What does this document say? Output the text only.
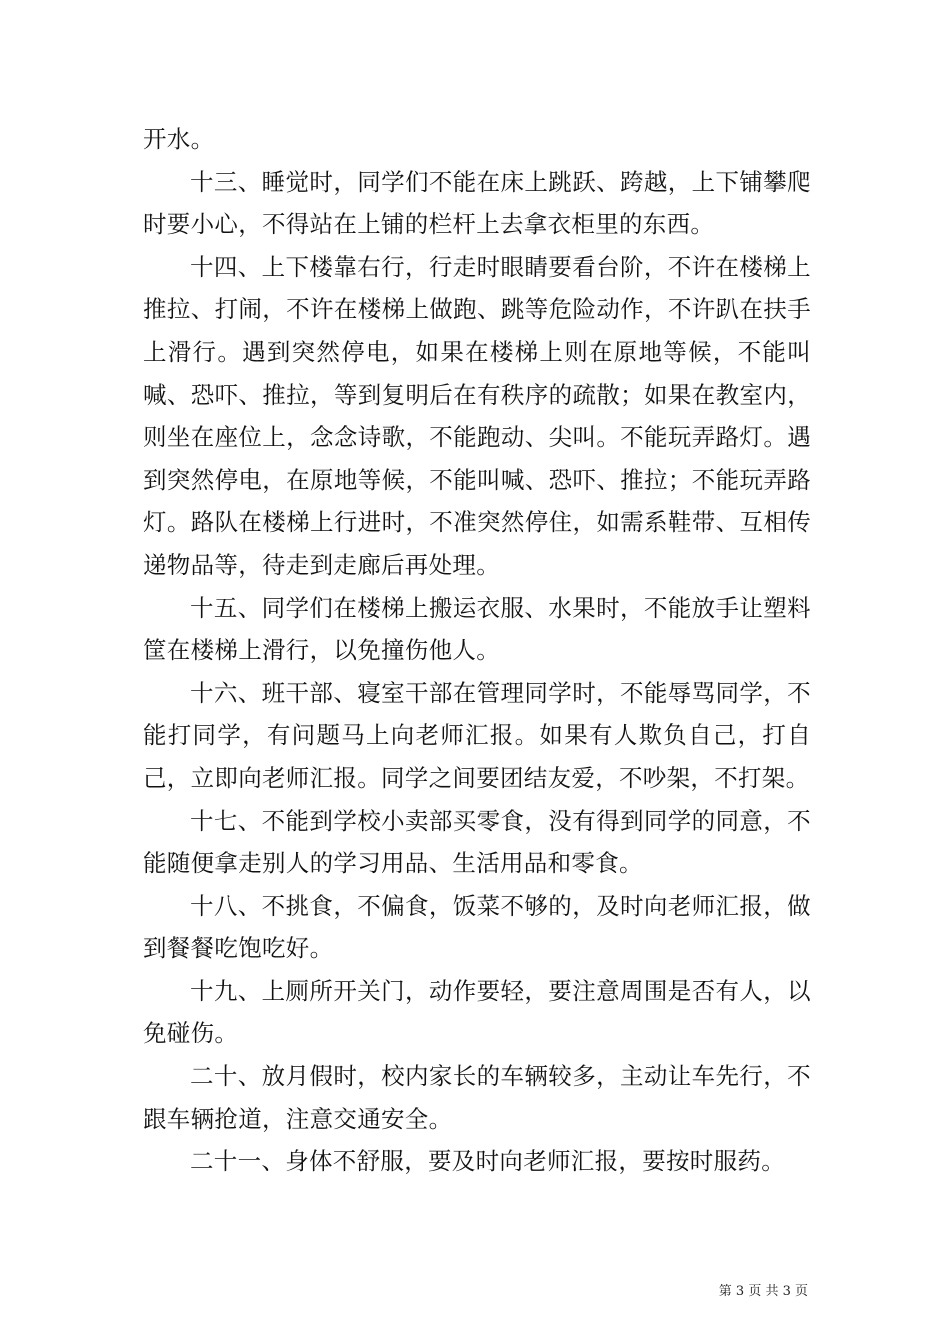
开水。

十三、睡觉时，同学们不能在床上跳跃、跨越，上下铺攀爬时要小心，不得站在上铺的栏杆上去拿衣柜里的东西。

十四、上下楼靠右行，行走时眼睛要看台阶，不许在楼梯上推拉、打闹，不许在楼梯上做跑、跳等危险动作，不许趴在扶手上滑行。遇到突然停电，如果在楼梯上则在原地等候，不能叫喊、恐吓、推拉，等到复明后在有秩序的疏散；如果在教室内，则坐在座位上，念念诗歌，不能跑动、尖叫。不能玩弄路灯。遇到突然停电，在原地等候，不能叫喊、恐吓、推拉；不能玩弄路灯。路队在楼梯上行进时，不准突然停住，如需系鞋带、互相传递物品等，待走到走廊后再处理。

十五、同学们在楼梯上搬运衣服、水果时，不能放手让塑料筐在楼梯上滑行，以免撞伤他人。

十六、班干部、寝室干部在管理同学时，不能辱骂同学，不能打同学，有问题马上向老师汇报。如果有人欺负自己，打自己，立即向老师汇报。同学之间要团结友爱，不吵架，不打架。

十七、不能到学校小卖部买零食，没有得到同学的同意，不能随便拿走别人的学习用品、生活用品和零食。

十八、不挑食，不偏食，饭菜不够的，及时向老师汇报，做到餐餐吃饱吃好。

十九、上厕所开关门，动作要轻，要注意周围是否有人，以免碰伤。

二十、放月假时，校内家长的车辆较多，主动让车先行，不跟车辆抢道，注意交通安全。

二十一、身体不舒服，要及时向老师汇报，要按时服药。

第 3 页 共 3 页
